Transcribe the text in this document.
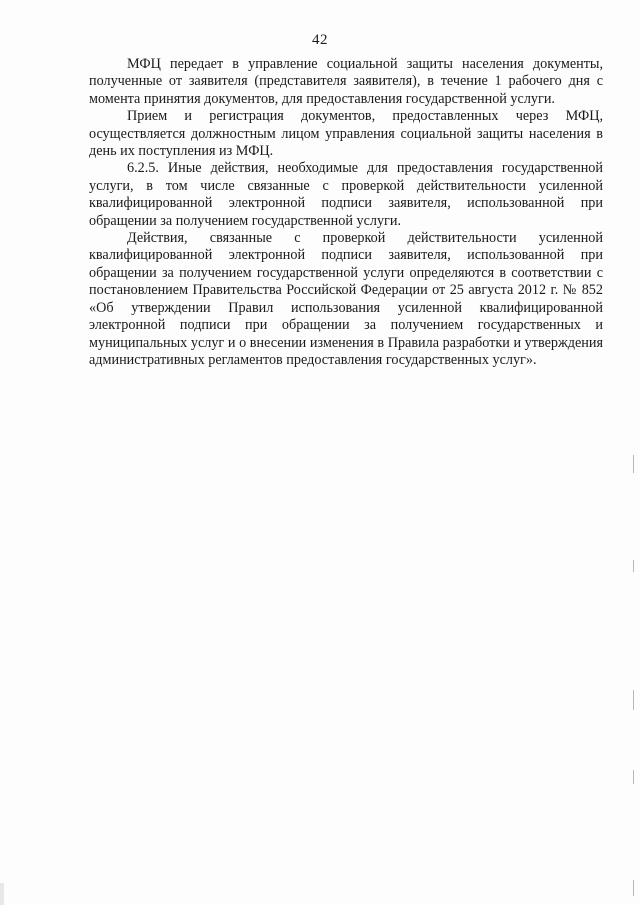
42

МФЦ передает в управление социальной защиты населения документы, полученные от заявителя (представителя заявителя), в течение 1 рабочего дня с момента принятия документов, для предоставления государственной услуги.

Прием и регистрация документов, предоставленных через МФЦ, осуществляется должностным лицом управления социальной защиты населения в день их поступления из МФЦ.

6.2.5. Иные действия, необходимые для предоставления государственной услуги, в том числе связанные с проверкой действительности усиленной квалифицированной электронной подписи заявителя, использованной при обращении за получением государственной услуги.

Действия, связанные с проверкой действительности усиленной квалифицированной электронной подписи заявителя, использованной при обращении за получением государственной услуги определяются в соответствии с постановлением Правительства Российской Федерации от 25 августа 2012 г. № 852 «Об утверждении Правил использования усиленной квалифицированной электронной подписи при обращении за получением государственных и муниципальных услуг и о внесении изменения в Правила разработки и утверждения административных регламентов предоставления государственных услуг».
